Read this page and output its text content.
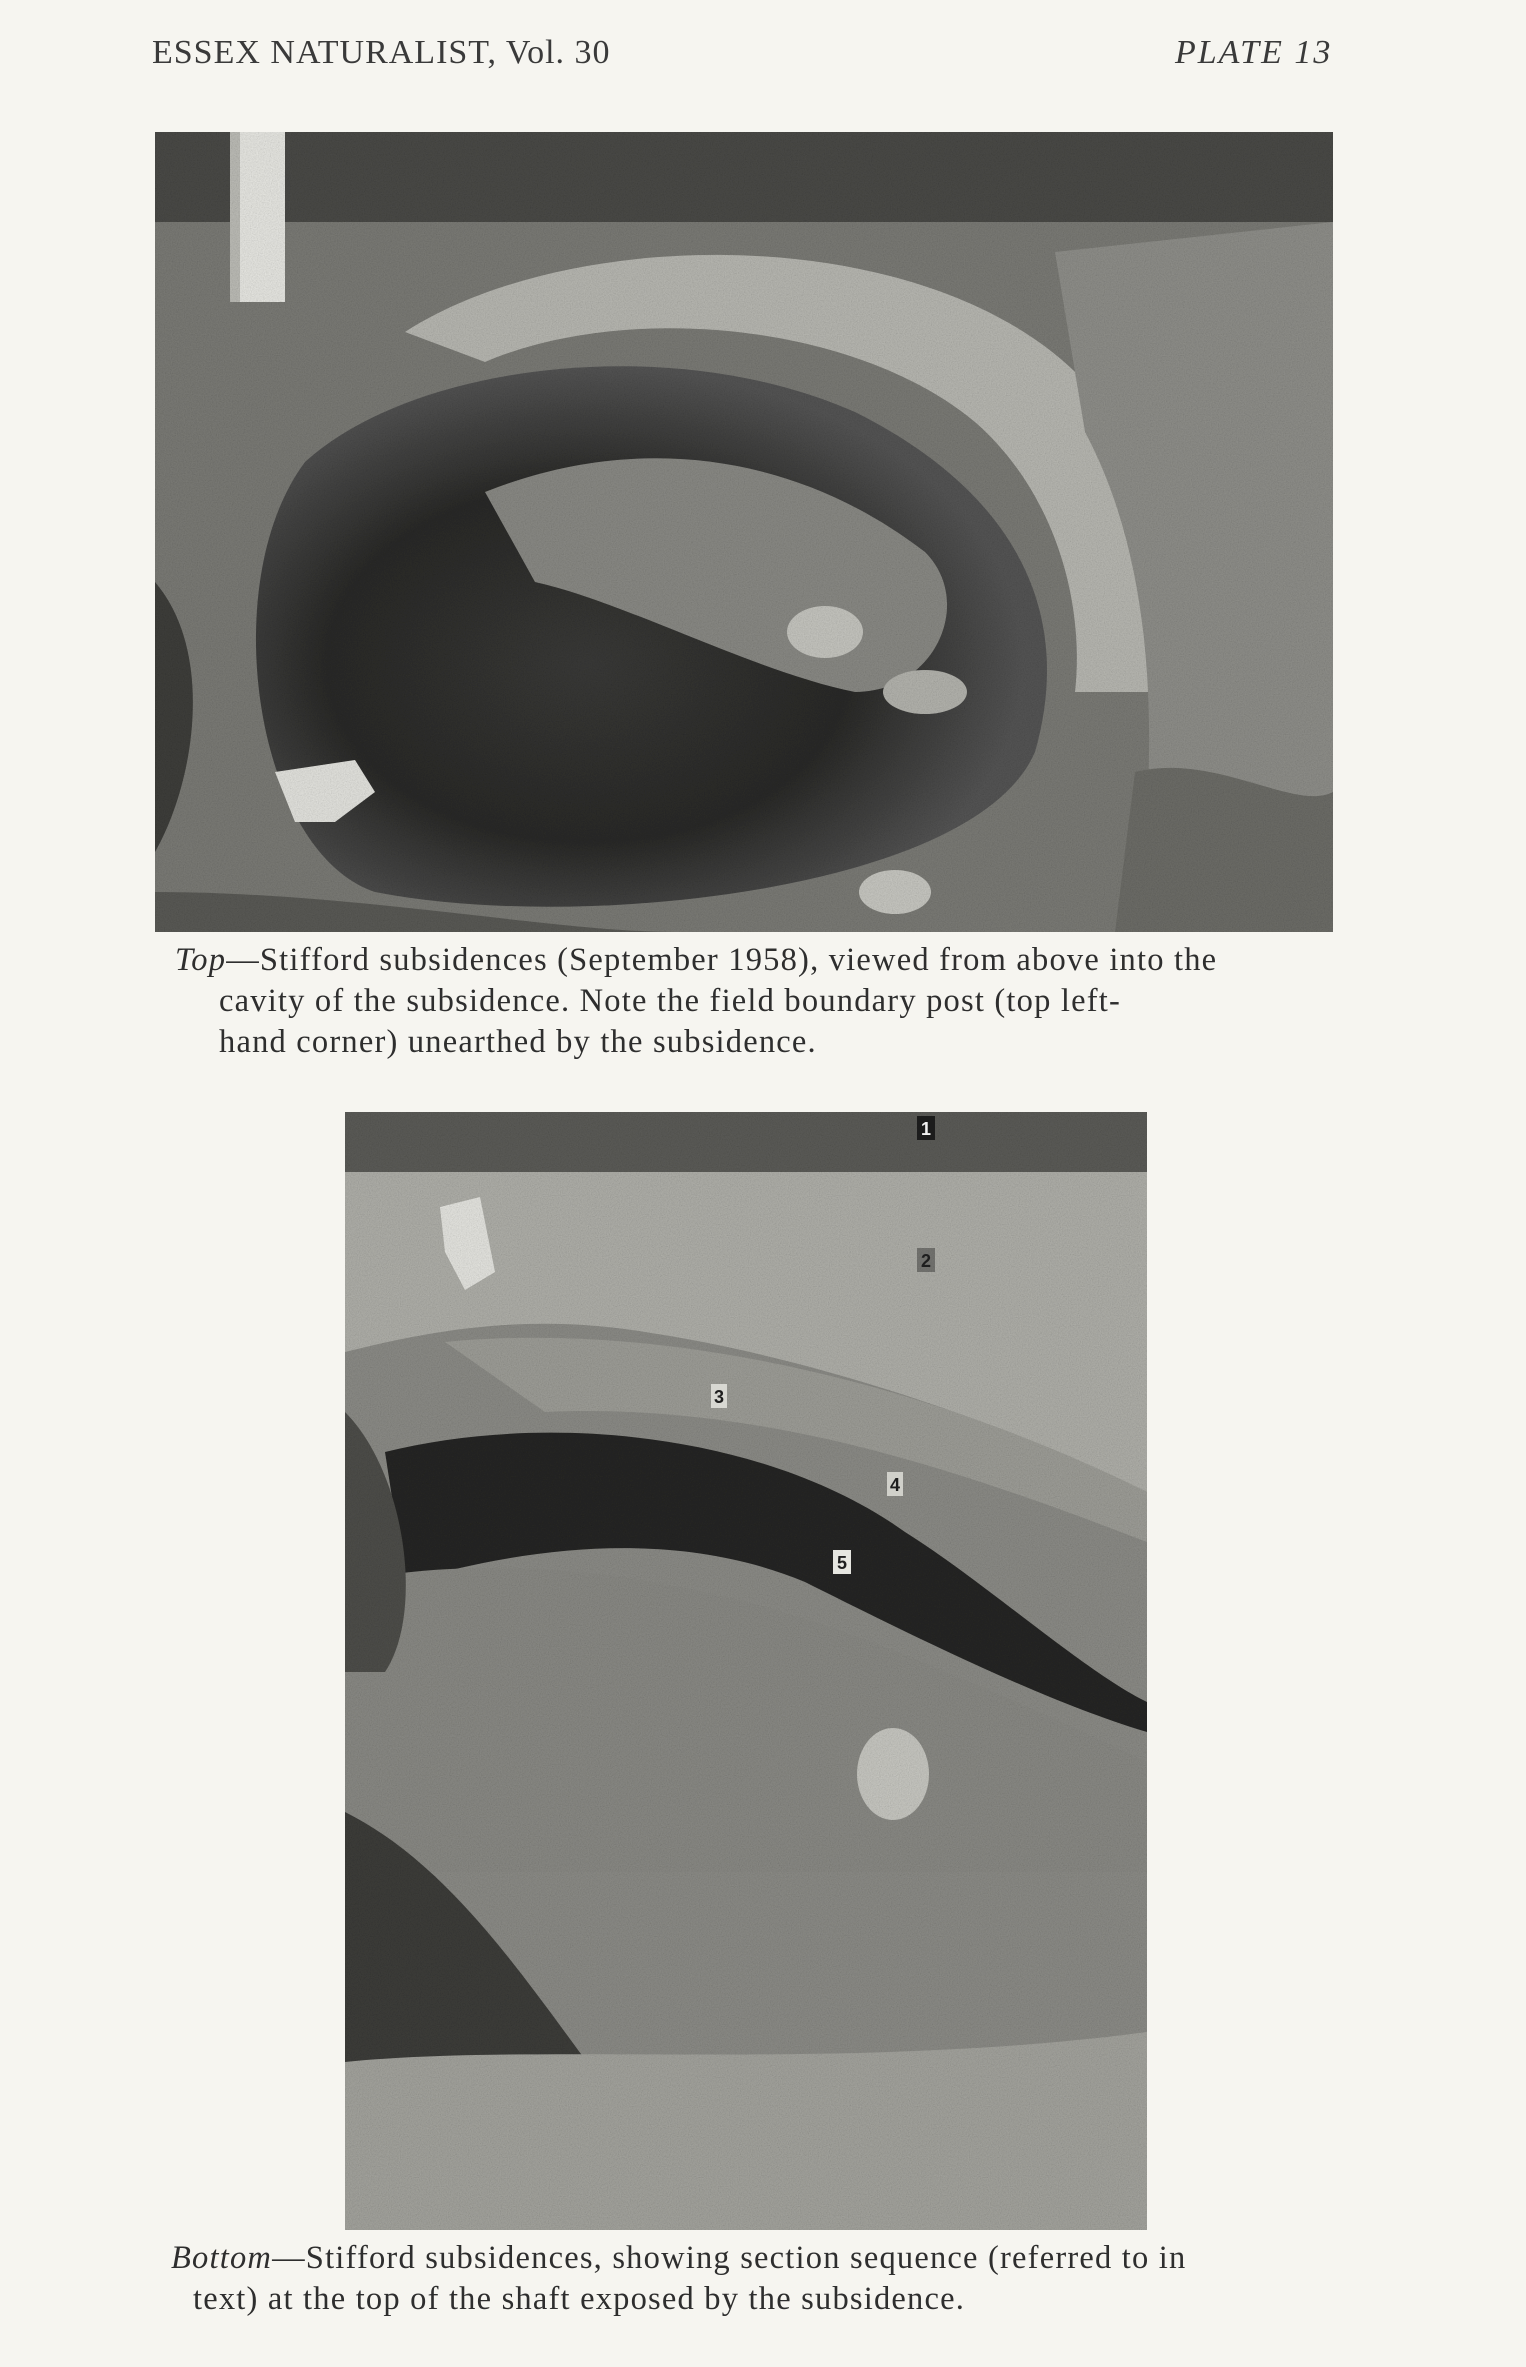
ESSEX NATURALIST, Vol. 30	PLATE 13
Top—Stifford subsidences (September 1958), viewed from above into the
cavity of the subsidence. Note the field boundary post (top left-
hand corner) unearthed by the subsidence.
1
2
3
4
5
Bottom—Stifford subsidences, showing section sequence (referred to in
text) at the top of the shaft exposed by the subsidence.
